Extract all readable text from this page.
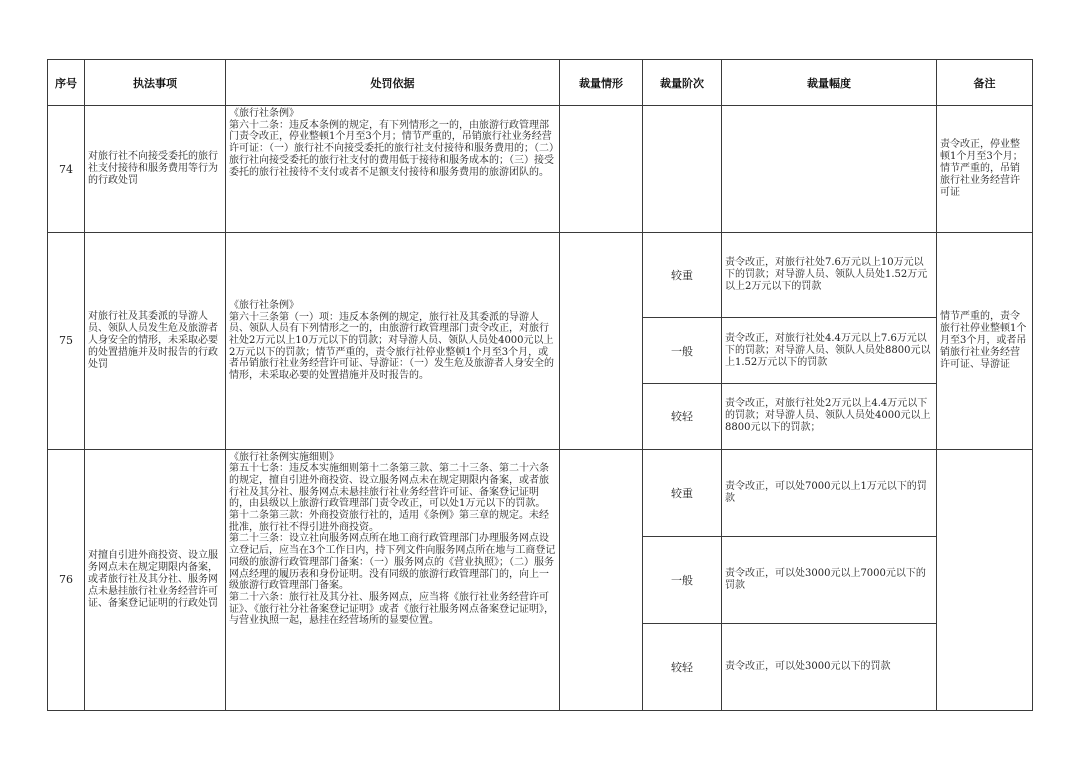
序号	执法事项	处罚依据	裁量情形	裁量阶次	裁量幅度	备注
74	对旅行社不向接受委托的旅行社支付接待和服务费用等行为的行政处罚	《旅行社条例》
第六十二条：违反本条例的规定，有下列情形之一的，由旅游行政管理部门责令改正，停业整顿1个月至3个月；情节严重的，吊销旅行社业务经营许可证：（一）旅行社不向接受委托的旅行社支付接待和服务费用的；（二）旅行社向接受委托的旅行社支付的费用低于接待和服务成本的；（三）接受委托的旅行社接待不支付或者不足额支付接待和服务费用的旅游团队的。				责令改正，停业整顿1个月至3个月；情节严重的，吊销旅行社业务经营许可证
75	对旅行社及其委派的导游人员、领队人员发生危及旅游者人身安全的情形，未采取必要的处置措施并及时报告的行政处罚	《旅行社条例》
第六十三条第（一）项：违反本条例的规定，旅行社及其委派的导游人员、领队人员有下列情形之一的，由旅游行政管理部门责令改正，对旅行社处2万元以上10万元以下的罚款；对导游人员、领队人员处4000元以上2万元以下的罚款；情节严重的，责令旅行社停业整顿1个月至3个月，或者吊销旅行社业务经营许可证、导游证：（一）发生危及旅游者人身安全的情形，未采取必要的处置措施并及时报告的。		较重	责令改正，对旅行社处7.6万元以上10万元以下的罚款；对导游人员、领队人员处1.52万元以上2万元以下的罚款	情节严重的，责令旅行社停业整顿1个月至3个月，或者吊销旅行社业务经营许可证、导游证
				一般	责令改正，对旅行社处4.4万元以上7.6万元以下的罚款；对导游人员、领队人员处8800元以上1.52万元以下的罚款	
				较轻	责令改正，对旅行社处2万元以上4.4万元以下的罚款；对导游人员、领队人员处4000元以上8800元以下的罚款；	
76	对擅自引进外商投资、设立服务网点未在规定期限内备案，或者旅行社及其分社、服务网点未悬挂旅行社业务经营许可证、备案登记证明的行政处罚	《旅行社条例实施细则》
第五十七条：违反本实施细则第十二条第三款、第二十三条、第二十六条的规定，擅自引进外商投资、设立服务网点未在规定期限内备案，或者旅行社及其分社、服务网点未悬挂旅行社业务经营许可证、备案登记证明的，由县级以上旅游行政管理部门责令改正，可以处1万元以下的罚款。
第十二条第三款：外商投资旅行社的，适用《条例》第三章的规定。未经批准，旅行社不得引进外商投资。
第二十三条：设立社向服务网点所在地工商行政管理部门办理服务网点设立登记后，应当在3个工作日内，持下列文件向服务网点所在地与工商登记同级的旅游行政管理部门备案：（一）服务网点的《营业执照》；（二）服务网点经理的履历表和身份证明。没有同级的旅游行政管理部门的，向上一级旅游行政管理部门备案。
第二十六条：旅行社及其分社、服务网点，应当将《旅行社业务经营许可证》、《旅行社分社备案登记证明》或者《旅行社服务网点备案登记证明》，与营业执照一起，悬挂在经营场所的显要位置。		较重	责令改正，可以处7000元以上1万元以下的罚款	
				一般	责令改正，可以处3000元以上7000元以下的罚款	
				较轻	责令改正，可以处3000元以下的罚款	
